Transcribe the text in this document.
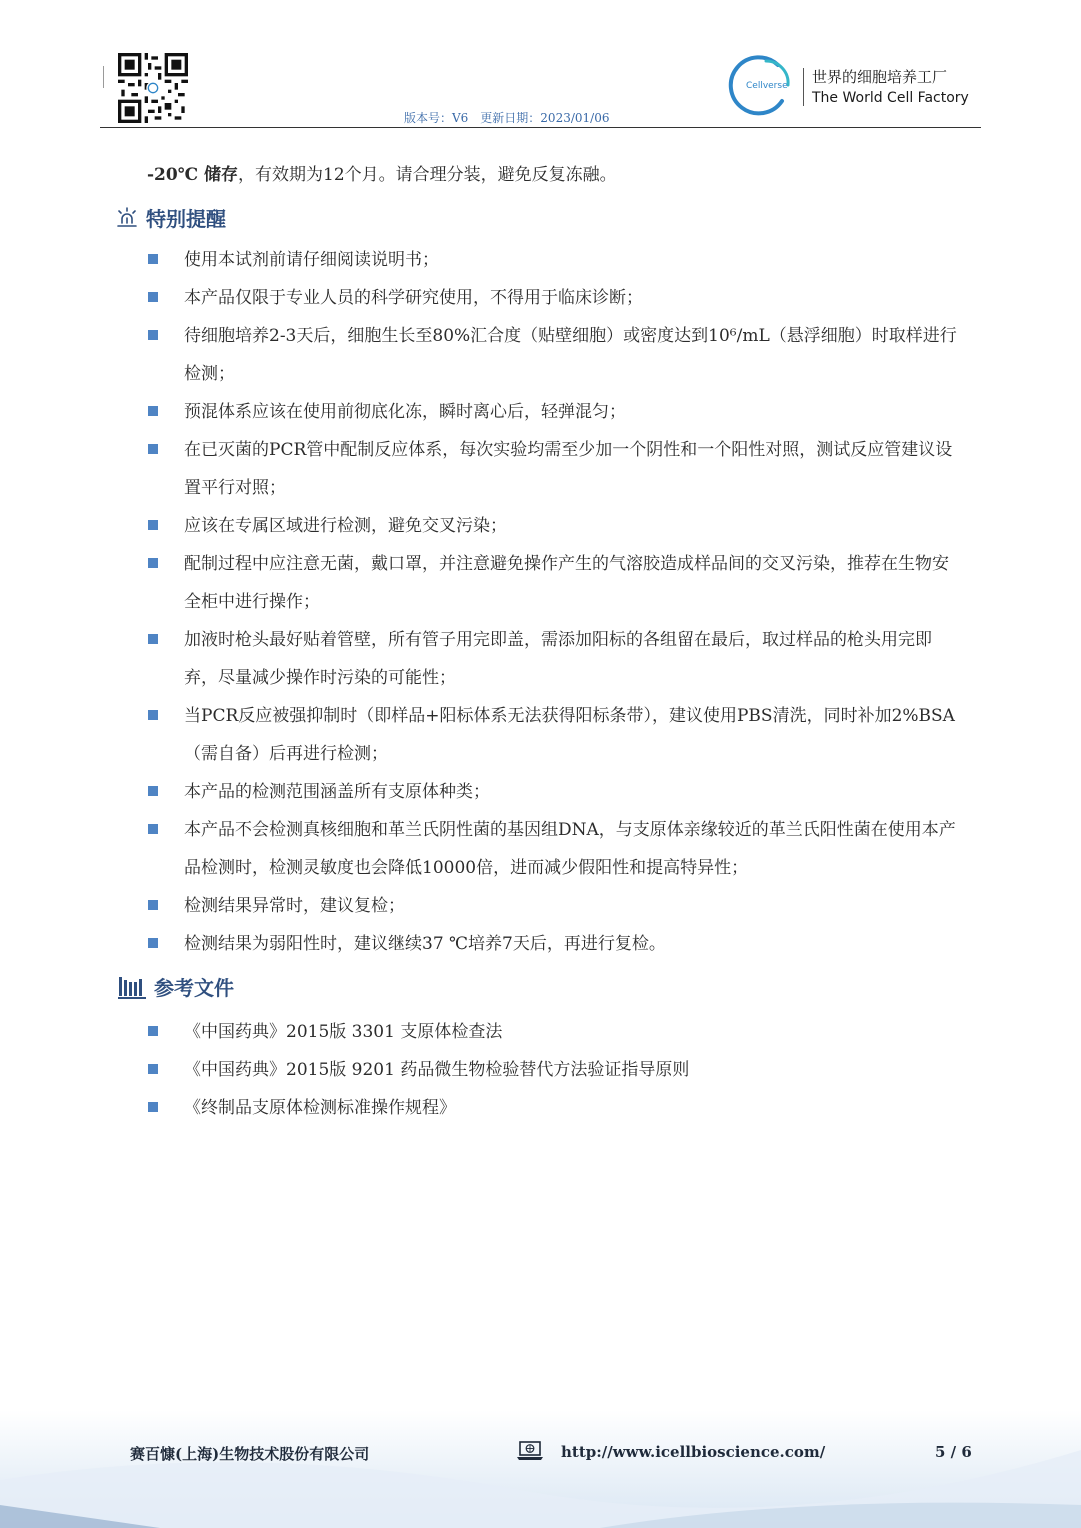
Cellverse 世界的细胞培养工厂
The World Cell Factory
版本号：V6　更新日期：2023/01/06
-20℃ 储存，有效期为12个月。请合理分装，避免反复冻融。
特别提醒
使用本试剂前请仔细阅读说明书；
本产品仅限于专业人员的科学研究使用，不得用于临床诊断；
待细胞培养2-3天后，细胞生长至80%汇合度（贴壁细胞）或密度达到10⁶/mL（悬浮细胞）时取样进行检测；
预混体系应该在使用前彻底化冻，瞬时离心后，轻弹混匀；
在已灭菌的PCR管中配制反应体系，每次实验均需至少加一个阴性和一个阳性对照，测试反应管建议设置平行对照；
应该在专属区域进行检测，避免交叉污染；
配制过程中应注意无菌，戴口罩，并注意避免操作产生的气溶胶造成样品间的交叉污染，推荐在生物安全柜中进行操作；
加液时枪头最好贴着管壁，所有管子用完即盖，需添加阳标的各组留在最后，取过样品的枪头用完即弃，尽量减少操作时污染的可能性；
当PCR反应被强抑制时（即样品+阳标体系无法获得阳标条带），建议使用PBS清洗，同时补加2%BSA（需自备）后再进行检测；
本产品的检测范围涵盖所有支原体种类；
本产品不会检测真核细胞和革兰氏阴性菌的基因组DNA，与支原体亲缘较近的革兰氏阳性菌在使用本产品检测时，检测灵敏度也会降低10000倍，进而减少假阳性和提高特异性；
检测结果异常时，建议复检；
检测结果为弱阳性时，建议继续37 ℃培养7天后，再进行复检。
参考文件
《中国药典》2015版 3301 支原体检查法
《中国药典》2015版 9201 药品微生物检验替代方法验证指导原则
《终制品支原体检测标准操作规程》
赛百慷(上海)生物技术股份有限公司	http://www.icellbioscience.com/	5 / 6
